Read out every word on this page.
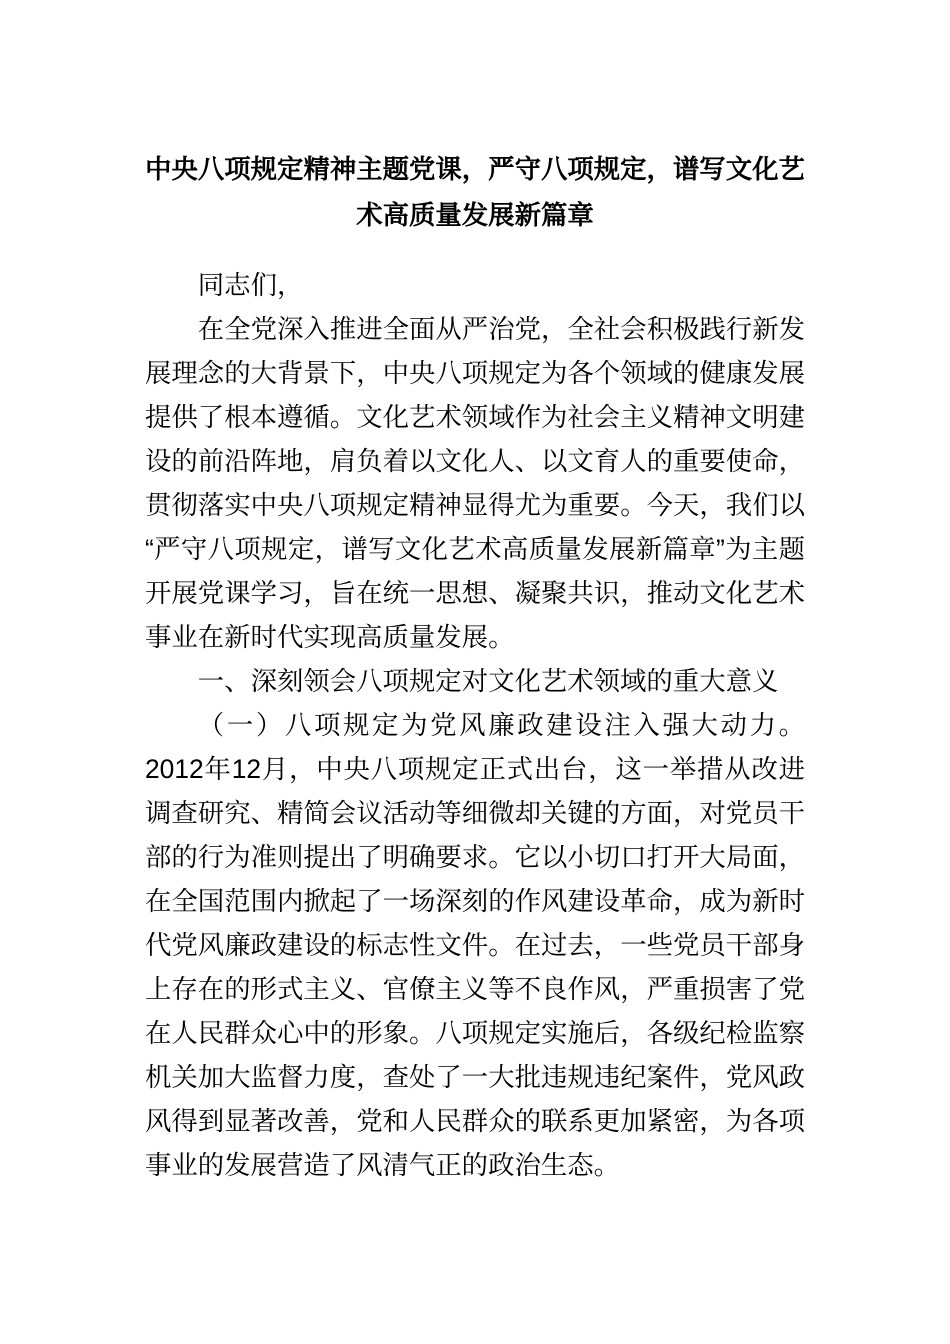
中央八项规定精神主题党课，严守八项规定，谱写文化艺术高质量发展新篇章

同志们，

在全党深入推进全面从严治党，全社会积极践行新发展理念的大背景下，中央八项规定为各个领域的健康发展提供了根本遵循。文化艺术领域作为社会主义精神文明建设的前沿阵地，肩负着以文化人、以文育人的重要使命，贯彻落实中央八项规定精神显得尤为重要。今天，我们以“严守八项规定，谱写文化艺术高质量发展新篇章”为主题开展党课学习，旨在统一思想、凝聚共识，推动文化艺术事业在新时代实现高质量发展。

一、深刻领会八项规定对文化艺术领域的重大意义

（一）八项规定为党风廉政建设注入强大动力。2012年12月，中央八项规定正式出台，这一举措从改进调查研究、精简会议活动等细微却关键的方面，对党员干部的行为准则提出了明确要求。它以小切口打开大局面，在全国范围内掀起了一场深刻的作风建设革命，成为新时代党风廉政建设的标志性文件。在过去，一些党员干部身上存在的形式主义、官僚主义等不良作风，严重损害了党在人民群众心中的形象。八项规定实施后，各级纪检监察机关加大监督力度，查处了一大批违规违纪案件，党风政风得到显著改善，党和人民群众的联系更加紧密，为各项事业的发展营造了风清气正的政治生态。
